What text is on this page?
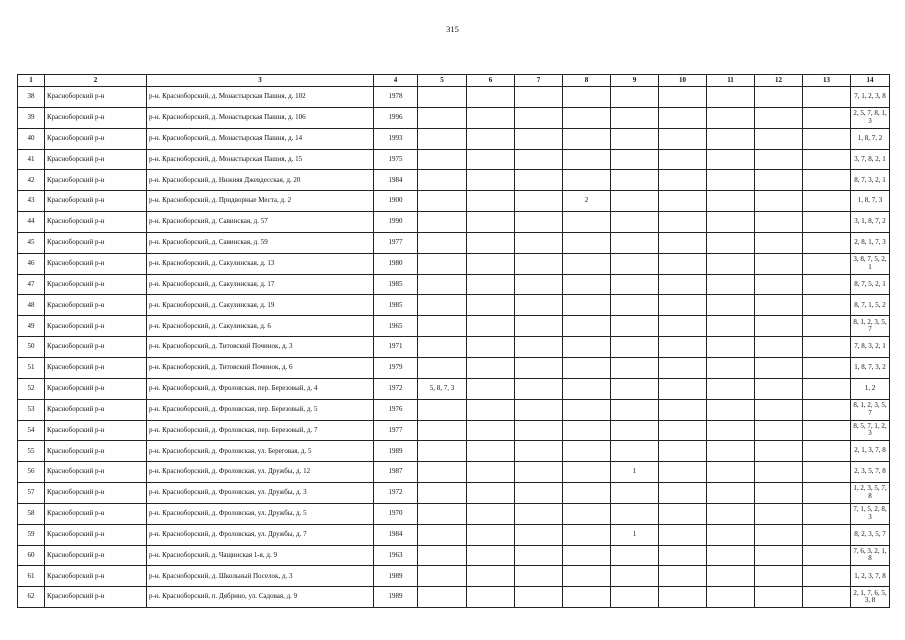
315
1	2	3	4	5	6	7	8	9	10	11	12	13	14
38	Красноборский р-н	р-н. Красноборский, д. Монастырская Пашня, д. 102	1978										7, 1, 2, 3, 8
39	Красноборский р-н	р-н. Красноборский, д. Монастырская Пашня, д. 106	1996										2, 5, 7, 8, 1, 3
40	Красноборский р-н	р-н. Красноборский, д. Монастырская Пашня, д. 14	1993										1, 8, 7, 2
41	Красноборский р-н	р-н. Красноборский, д. Монастырская Пашня, д. 15	1975										3, 7, 8, 2, 1
42	Красноборский р-н	р-н. Красноборский, д. Нижняя Джевдесская, д. 20	1984										8, 7, 3, 2, 1
43	Красноборский р-н	р-н. Красноборский, д. Придворные Места, д. 2	1900				2						1, 8, 7, 3
44	Красноборский р-н	р-н. Красноборский, д. Савинская, д. 57	1990										3, 1, 8, 7, 2
45	Красноборский р-н	р-н. Красноборский, д. Савинская, д. 59	1977										2, 8, 1, 7, 3
46	Красноборский р-н	р-н. Красноборский, д. Сакулинская, д. 13	1980										3, 8, 7, 5, 2, 1
47	Красноборский р-н	р-н. Красноборский, д. Сакулинская, д. 17	1985										8, 7, 5, 2, 1
48	Красноборский р-н	р-н. Красноборский, д. Сакулинская, д. 19	1985										8, 7, 1, 5, 2
49	Красноборский р-н	р-н. Красноборский, д. Сакулинская, д. 6	1965										8, 1, 2, 3, 5, 7
50	Красноборский р-н	р-н. Красноборский, д. Титовский Починок, д. 3	1971										7, 8, 3, 2, 1
51	Красноборский р-н	р-н. Красноборский, д. Титовский Починок, д. 6	1979										1, 8, 7, 3, 2
52	Красноборский р-н	р-н. Красноборский, д. Фроловская, пер. Березовый, д. 4	1972	5, 8, 7, 3									1, 2
53	Красноборский р-н	р-н. Красноборский, д. Фроловская, пер. Березовый, д. 5	1976										8, 1, 2, 3, 5, 7
54	Красноборский р-н	р-н. Красноборский, д. Фроловская, пер. Березовый, д. 7	1977										8, 5, 7, 1, 2, 3
55	Красноборский р-н	р-н. Красноборский, д. Фроловская, ул. Береговая, д. 5	1989										2, 1, 3, 7, 8
56	Красноборский р-н	р-н. Красноборский, д. Фроловская, ул. Дружбы, д. 12	1987					1					2, 3, 5, 7, 8
57	Красноборский р-н	р-н. Красноборский, д. Фроловская, ул. Дружбы, д. 3	1972										1, 2, 3, 5, 7, 8
58	Красноборский р-н	р-н. Красноборский, д. Фроловская, ул. Дружбы, д. 5	1970										7, 1, 5, 2, 8, 3
59	Красноборский р-н	р-н. Красноборский, д. Фроловская, ул. Дружбы, д. 7	1984					1					8, 2, 3, 5, 7
60	Красноборский р-н	р-н. Красноборский, д. Чащинская 1-я, д. 9	1963										7, 6, 3, 2, 1, 8
61	Красноборский р-н	р-н. Красноборский, д. Школьный Поселок, д. 3	1989										1, 2, 3, 7, 8
62	Красноборский р-н	р-н. Красноборский, п. Дябрино, ул. Садовая, д. 9	1989										2, 1, 7, 6, 5, 3, 8
